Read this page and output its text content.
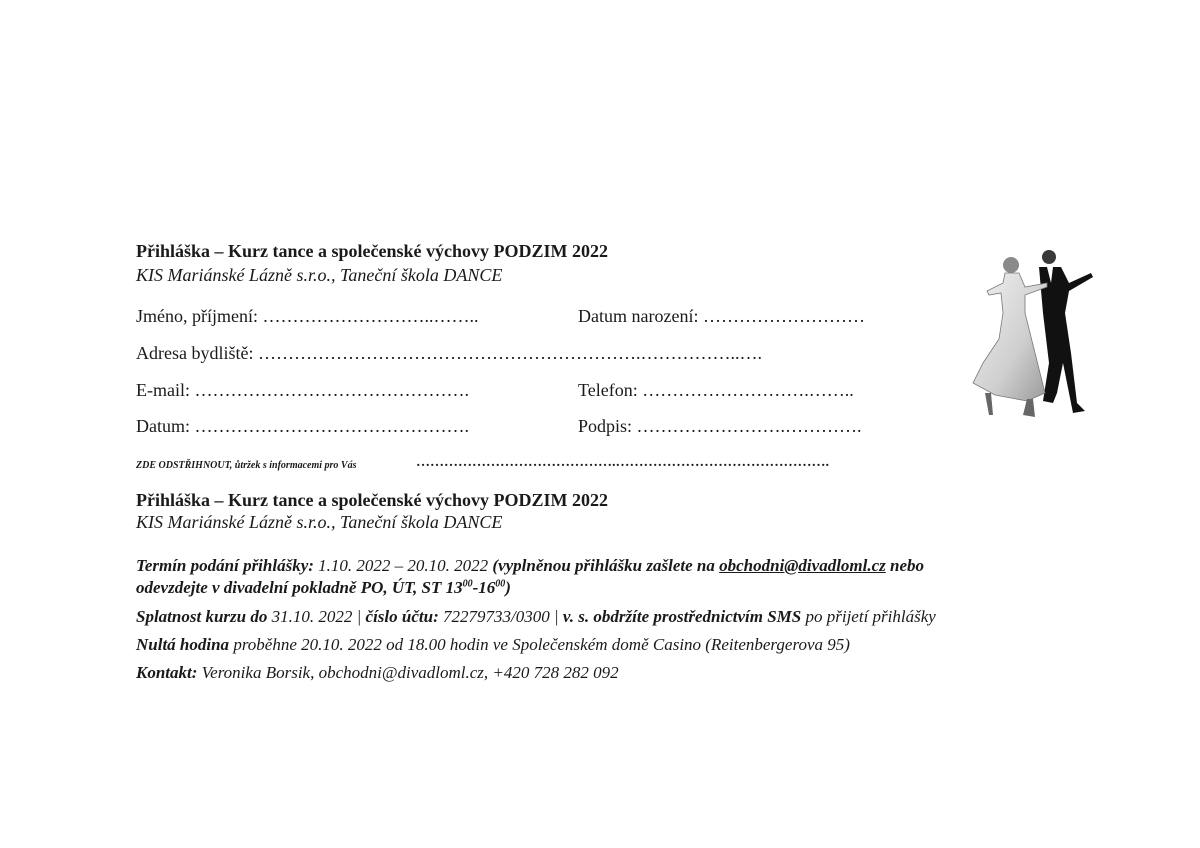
Přihláška – Kurz tance a společenské výchovy PODZIM 2022
KIS Mariánské Lázně s.r.o., Taneční škola DANCE
Jméno, příjmení: ………………………..……..	Datum narození: ………………………
Adresa bydliště: ……………………………………………………….……………..….
E-mail: ……………………………………….	Telefon: ……………………….……..
Datum: ……………………………………….	Podpis: …………………….………….
ZDE ODSTŘIHNOUT, ůtržek s informacemi pro Vás	…………………………………….……………………………………….
Přihláška – Kurz tance a společenské výchovy PODZIM 2022
KIS Mariánské Lázně s.r.o., Taneční škola DANCE
Termín podání přihlášky: 1.10. 2022 – 20.10. 2022 (vyplněnou přihlášku zašlete na obchodni@divadloml.cz nebo
odevzdejte v divadelní pokladně PO, ÚT, ST $13^{00}-16^{00}$)
Splatnost kurzu do 31.10. 2022 | číslo účtu: 72279733/0300 | v. s. obdržíte prostřednictvím SMS po přijetí přihlášky
Nultá hodina proběhne 20.10. 2022 od 18.00 hodin ve Společenském domě Casino (Reitenbergerova 95)
Kontakt: Veronika Borsik, obchodni@divadloml.cz, +420 728 282 092
